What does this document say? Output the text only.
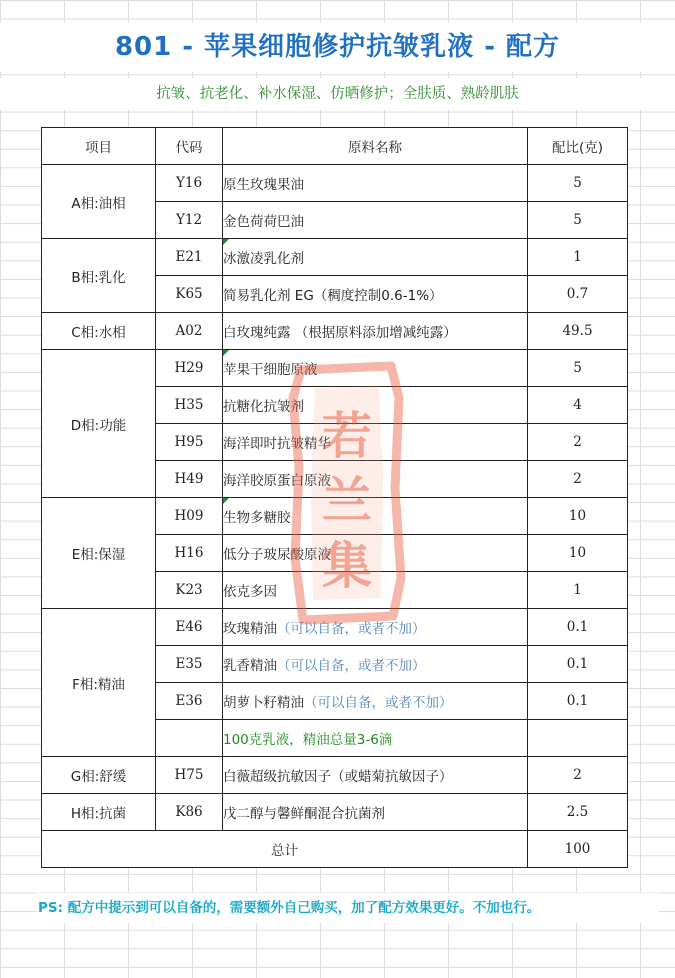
801 - 苹果细胞修护抗皱乳液 - 配方
抗皱、抗老化、补水保湿、仿晒修护；全肤质、熟龄肌肤
项目	代码	原料名称	配比(克)
A相:油相	Y16	原生玫瑰果油	5
	Y12	金色荷荷巴油	5
B相:乳化	E21	冰激凌乳化剂	1
	K65	简易乳化剂 EG（稠度控制0.6-1%）	0.7
C相:水相	A02	白玫瑰纯露 （根据原料添加增减纯露）	49.5
D相:功能	H29	苹果干细胞原液	5
	H35	抗糖化抗皱剂	4
	H95	海洋即时抗皱精华	2
	H49	海洋胶原蛋白原液	2
E相:保湿	H09	生物多糖胶	10
	H16	低分子玻尿酸原液	10
	K23	依克多因	1
F相:精油	E46	玫瑰精油（可以自备，或者不加）	0.1
	E35	乳香精油（可以自备，或者不加）	0.1
	E36	胡萝卜籽精油（可以自备，或者不加）	0.1
		100克乳液，精油总量3-6滴	
G相:舒缓	H75	白薇超级抗敏因子（或蜡菊抗敏因子）	2
H相:抗菌	K86	戊二醇与馨鲜酮混合抗菌剂	2.5
总计			100
若
兰
集
PS: 配方中提示到可以自备的，需要额外自己购买，加了配方效果更好。不加也行。
